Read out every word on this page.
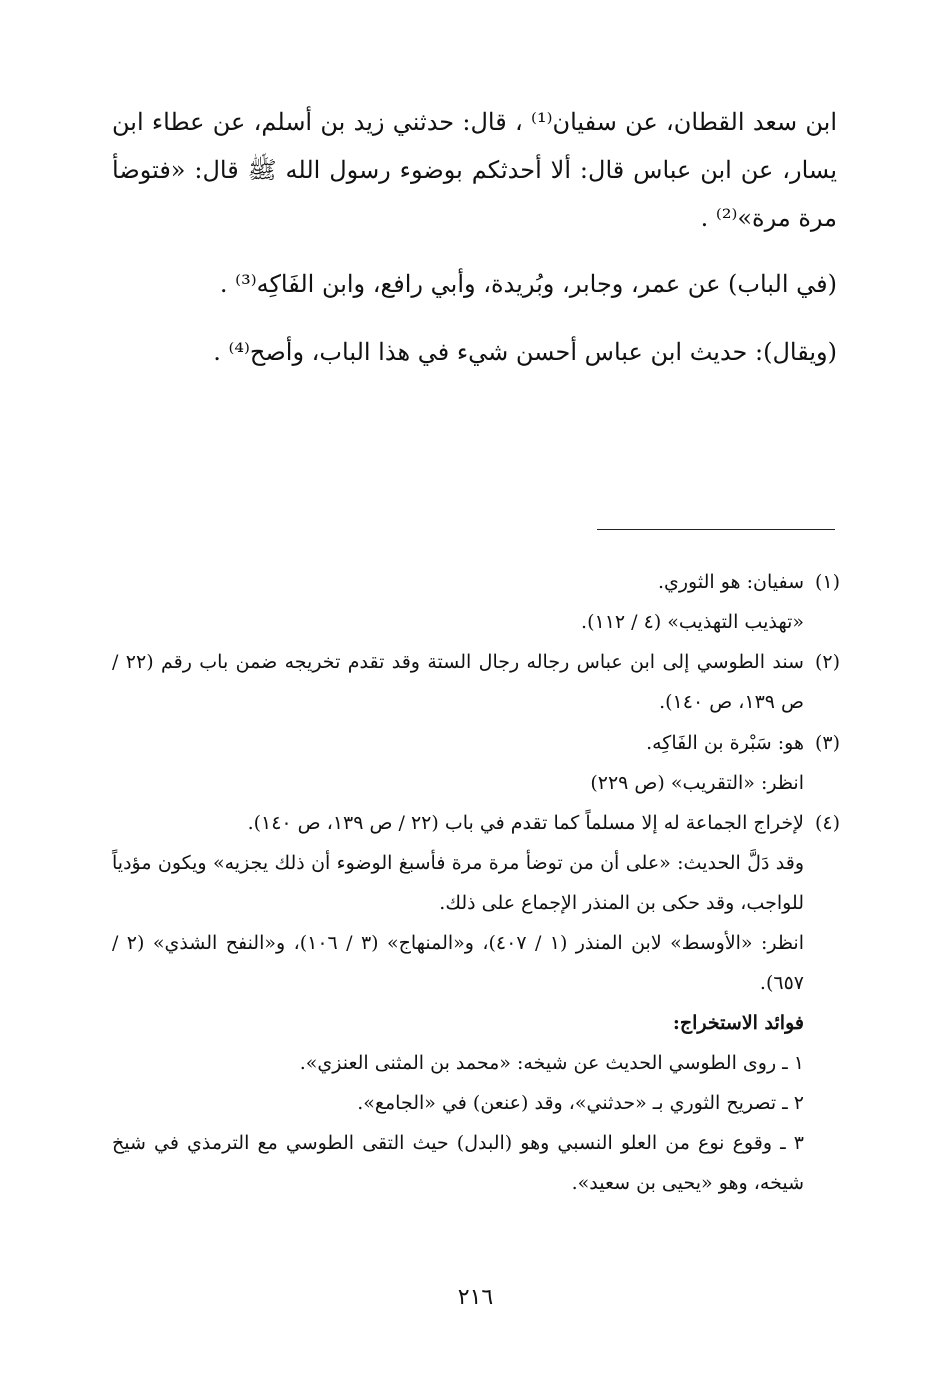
ابن سعد القطان، عن سفيان⁽¹⁾ ، قال: حدثني زيد بن أسلم، عن عطاء ابن يسار، عن ابن عباس قال: ألا أحدثكم بوضوء رسول الله ﷺ قال: «فتوضأ مرة مرة»⁽²⁾ .

(في الباب) عن عمر، وجابر، وبُريدة، وأبي رافع، وابن الفَاكِه⁽³⁾ .

(ويقال): حديث ابن عباس أحسن شيء في هذا الباب، وأصح⁽⁴⁾ .

(١)

سفيان: هو الثوري.

«تهذيب التهذيب» (٤ / ١١٢).

(٢)

سند الطوسي إلى ابن عباس رجاله رجال الستة وقد تقدم تخريجه ضمن باب رقم (٢٢ / ص ١٣٩، ص ١٤٠).

(٣)

هو: سَبْرة بن الفَاكِه.

انظر: «التقريب» (ص ٢٢٩)

(٤)

لإخراج الجماعة له إلا مسلماً كما تقدم في باب (٢٢ / ص ١٣٩، ص ١٤٠).

وقد دَلَّ الحديث: «على أن من توضأ مرة مرة فأسبغ الوضوء أن ذلك يجزيه» ويكون مؤدياً للواجب، وقد حكى بن المنذر الإجماع على ذلك.

انظر: «الأوسط» لابن المنذر (١ / ٤٠٧)، و«المنهاج» (٣ / ١٠٦)، و«النفح الشذي» (٢ / ٦٥٧).

فوائد الاستخراج:

١ ـ روى الطوسي الحديث عن شيخه: «محمد بن المثنى العنزي».

٢ ـ تصريح الثوري بـ «حدثني»، وقد (عنعن) في «الجامع».

٣ ـ وقوع نوع من العلو النسبي وهو (البدل) حيث التقى الطوسي مع الترمذي في شيخ شيخه، وهو «يحيى بن سعيد».

٢١٦
